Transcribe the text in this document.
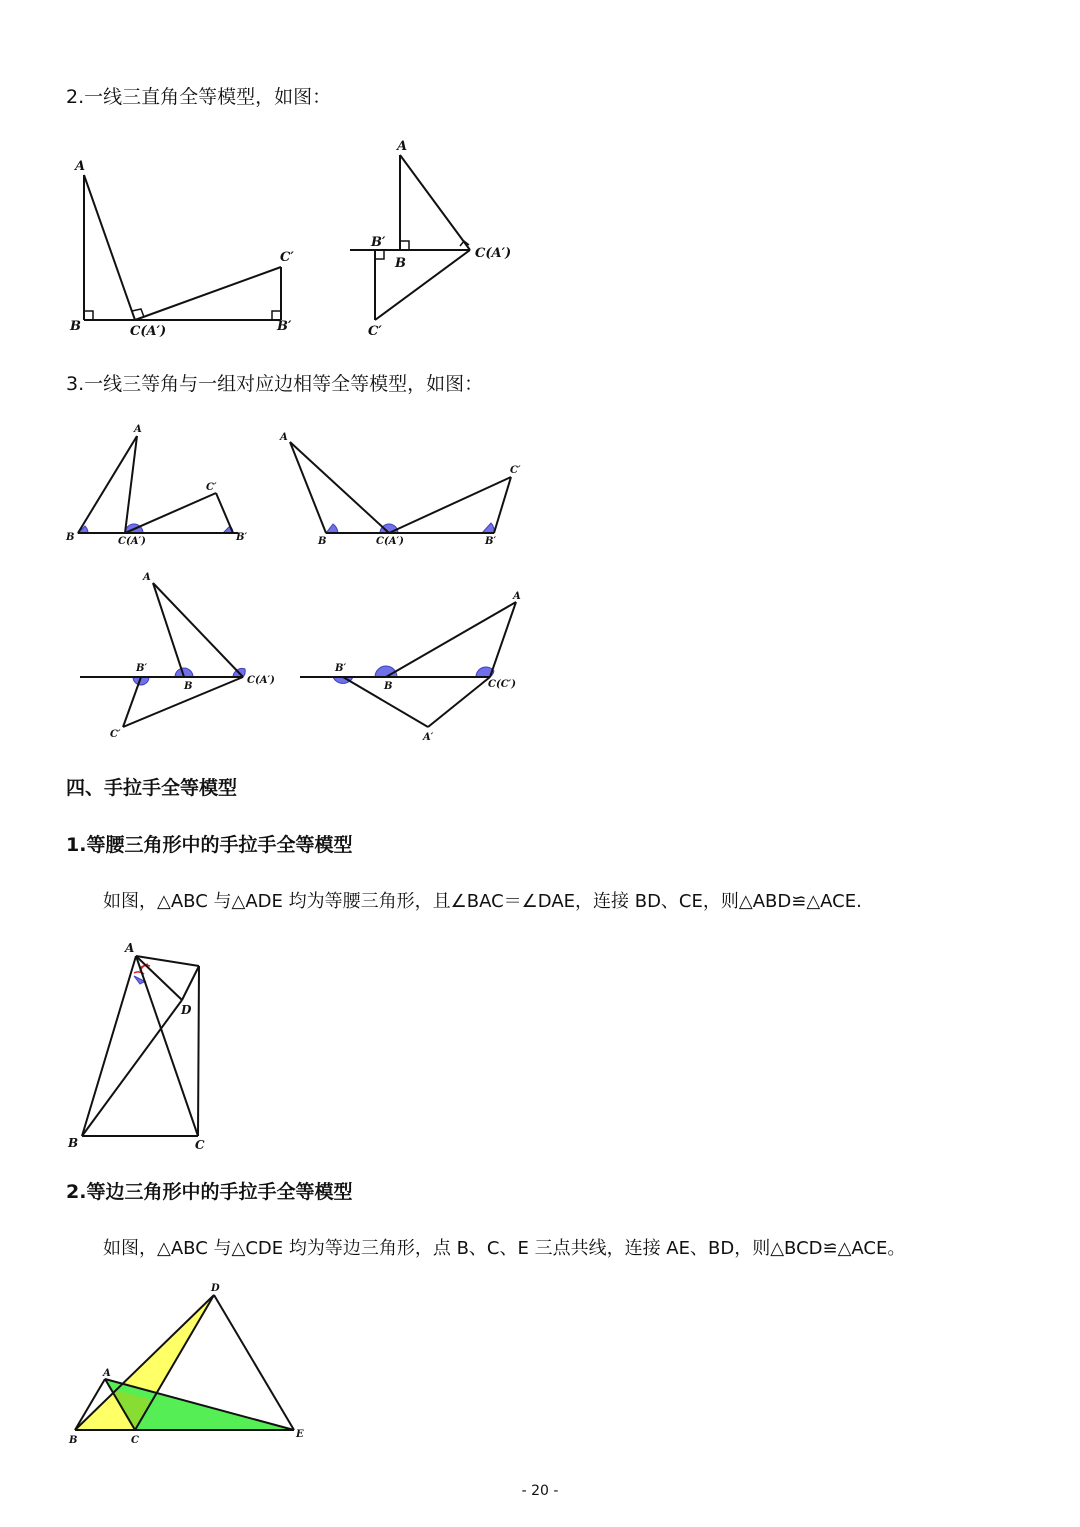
2.一线三直角全等模型，如图：
A
B	C(A′)	B′
C′
A
B′
B
C(A′)
C′
3.一线三等角与一组对应边相等全等模型，如图：
A
B	C(A′)	B′
C′
A
B	C(A′)	B′
C′
A
B′
B
C(A′)
C′
B′
B	C(C′)
A
A′
四、手拉手全等模型
1.等腰三角形中的手拉手全等模型
如图，△ABC 与△ADE 均为等腰三角形，且∠BAC＝∠DAE，连接 BD、CE，则△ABD≌△ACE.
A
D
B	C
2.等边三角形中的手拉手全等模型
如图，△ABC 与△CDE 均为等边三角形，点 B、C、E 三点共线，连接 AE、BD，则△BCD≌△ACE。
A
B	C
D
E
- 20 -
